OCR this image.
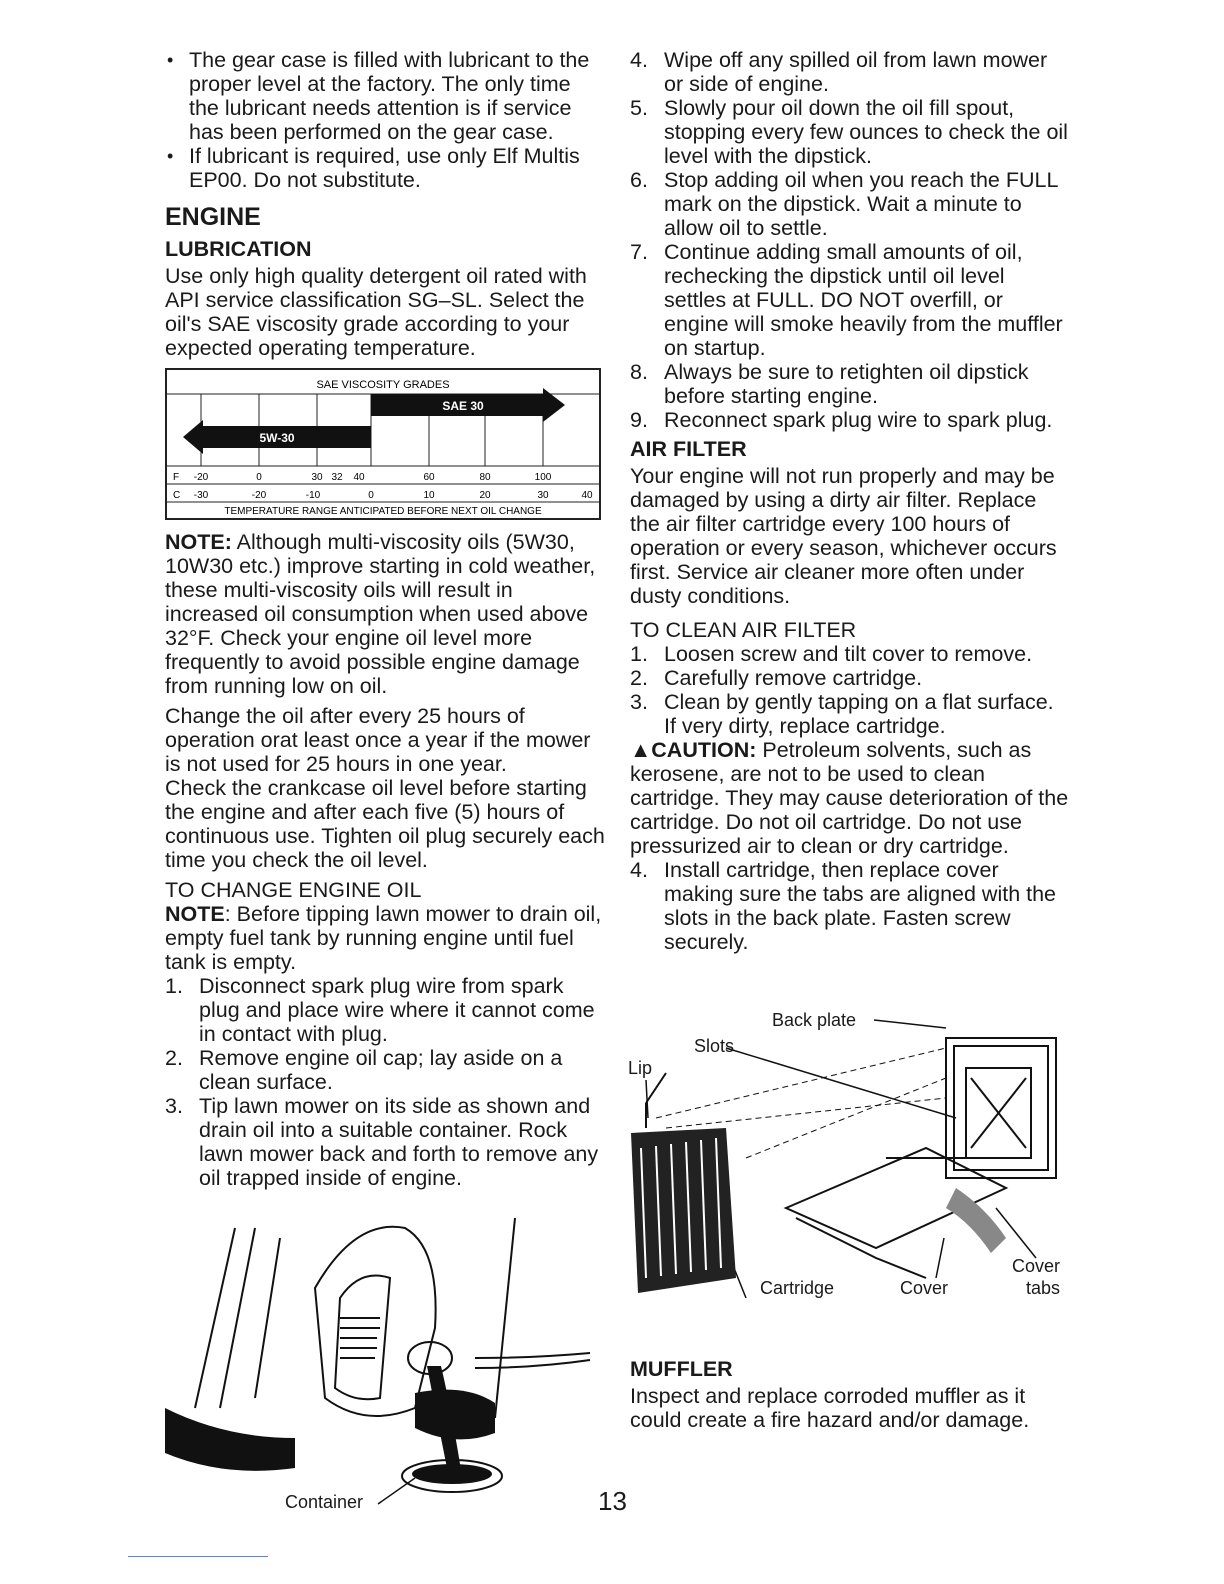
• The gear case is filled with lubricant to the proper level at the factory. The only time the lubricant needs attention is if service has been performed on the gear case.
• If lubricant is required, use only Elf Multis EP00. Do not substitute.
ENGINE
LUBRICATION

Use only high quality detergent oil rated with API service classification SG–SL. Select the oil's SAE viscosity grade according to your expected operating temperature.

SAE VISCOSITY GRADES
5W-30
SAE 30
F -20	0	30 32 40	60	80	100
C -30	-20	-10	0	10	20	30	40
TEMPERATURE RANGE ANTICIPATED BEFORE NEXT OIL CHANGE

NOTE: Although multi-viscosity oils (5W30, 10W30 etc.) improve starting in cold weather, these multi-viscosity oils will result in increased oil consumption when used above 32°F. Check your engine oil level more frequently to avoid possible engine damage from running low on oil.

Change the oil after every 25 hours of operation orat least once a year if the mower is not used for 25 hours in one year.

Check the crankcase oil level before starting the engine and after each five (5) hours of continuous use. Tighten oil plug securely each time you check the oil level.

TO CHANGE ENGINE OIL

NOTE: Before tipping lawn mower to drain oil, empty fuel tank by running engine until fuel tank is empty.

1. Disconnect spark plug wire from spark plug and place wire where it cannot come in contact with plug.
2. Remove engine oil cap; lay aside on a clean surface.
3. Tip lawn mower on its side as shown and drain oil into a suitable container. Rock lawn mower back and forth to remove any oil trapped inside of engine.
Container
4. Wipe off any spilled oil from lawn mower or side of engine.
5. Slowly pour oil down the oil fill spout, stopping every few ounces to check the oil level with the dipstick.
6. Stop adding oil when you reach the FULL mark on the dipstick. Wait a minute to allow oil to settle.
7. Continue adding small amounts of oil, rechecking the dipstick until oil level settles at FULL. DO NOT overfill, or engine will smoke heavily from the muffler on startup.
8. Always be sure to retighten oil dipstick before starting engine.
9. Reconnect spark plug wire to spark plug.
AIR FILTER

Your engine will not run properly and may be damaged by using a dirty air filter. Replace the air filter cartridge every 100 hours of operation or every season, whichever occurs first. Service air cleaner more often under dusty conditions.

TO CLEAN AIR FILTER
1. Loosen screw and tilt cover to remove.
2. Carefully remove cartridge.
3. Clean by gently tapping on a flat surface. If very dirty, replace cartridge.

▲CAUTION: Petroleum solvents, such as kerosene, are not to be used to clean cartridge. They may cause deterioration of the cartridge. Do not oil cartridge. Do not use pressurized air to clean or dry cartridge.

4. Install cartridge, then replace cover making sure the tabs are aligned with the slots in the back plate. Fasten screw securely.
Back plate
Slots
Lip
Cartridge	Cover
Cover
tabs
MUFFLER

Inspect and replace corroded muffler as it could create a fire hazard and/or damage.

13
